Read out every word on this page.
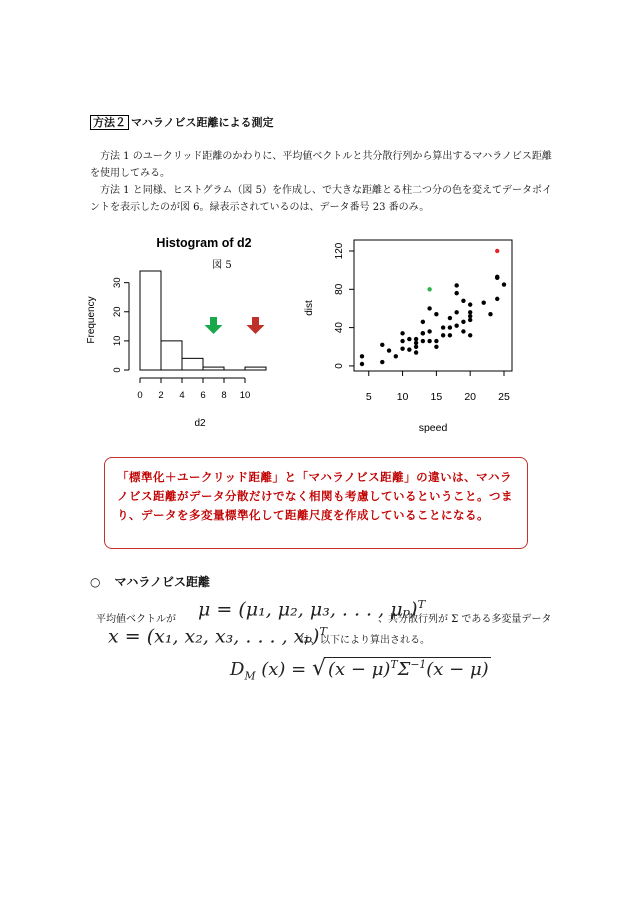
方法２ マハラノビス距離による測定
方法 1 のユークリッド距離のかわりに、平均値ベクトルと共分散行列から算出するマハラノビス距離を使用してみる。
方法 1 と同様、ヒストグラム（図 5）を作成し、で大きな距離とる柱二つ分の色を変えてデータポイントを表示したのが図 6。緑表示されているのは、データ番号 23 番のみ。
Histogram of d2
図 5
0
10
20
30
0 2 4 6 8 10
Frequency
d2
0
40
80
120
5 10 15 20 25
dist
speed
「標準化＋ユークリッド距離」と「マハラノビス距離」の違いは、マハラノビス距離がデータ分散だけでなく相関も考慮しているということ。つまり、データを多変量標準化して距離尺度を作成していることになる。
○ マハラノビス距離
平均値ベクトルが μ = (μ₁, μ₂, μ₃, . . . , μₚ)$^T$
、共分散行列が Σ である多変量データ
x = (x₁, x₂, x₃, . . . , xₚ)$^T$
は、以下により算出される。
$D_M$ (x) = √ $(x - \mu)^T\Sigma^{-1}(x - \mu)$
